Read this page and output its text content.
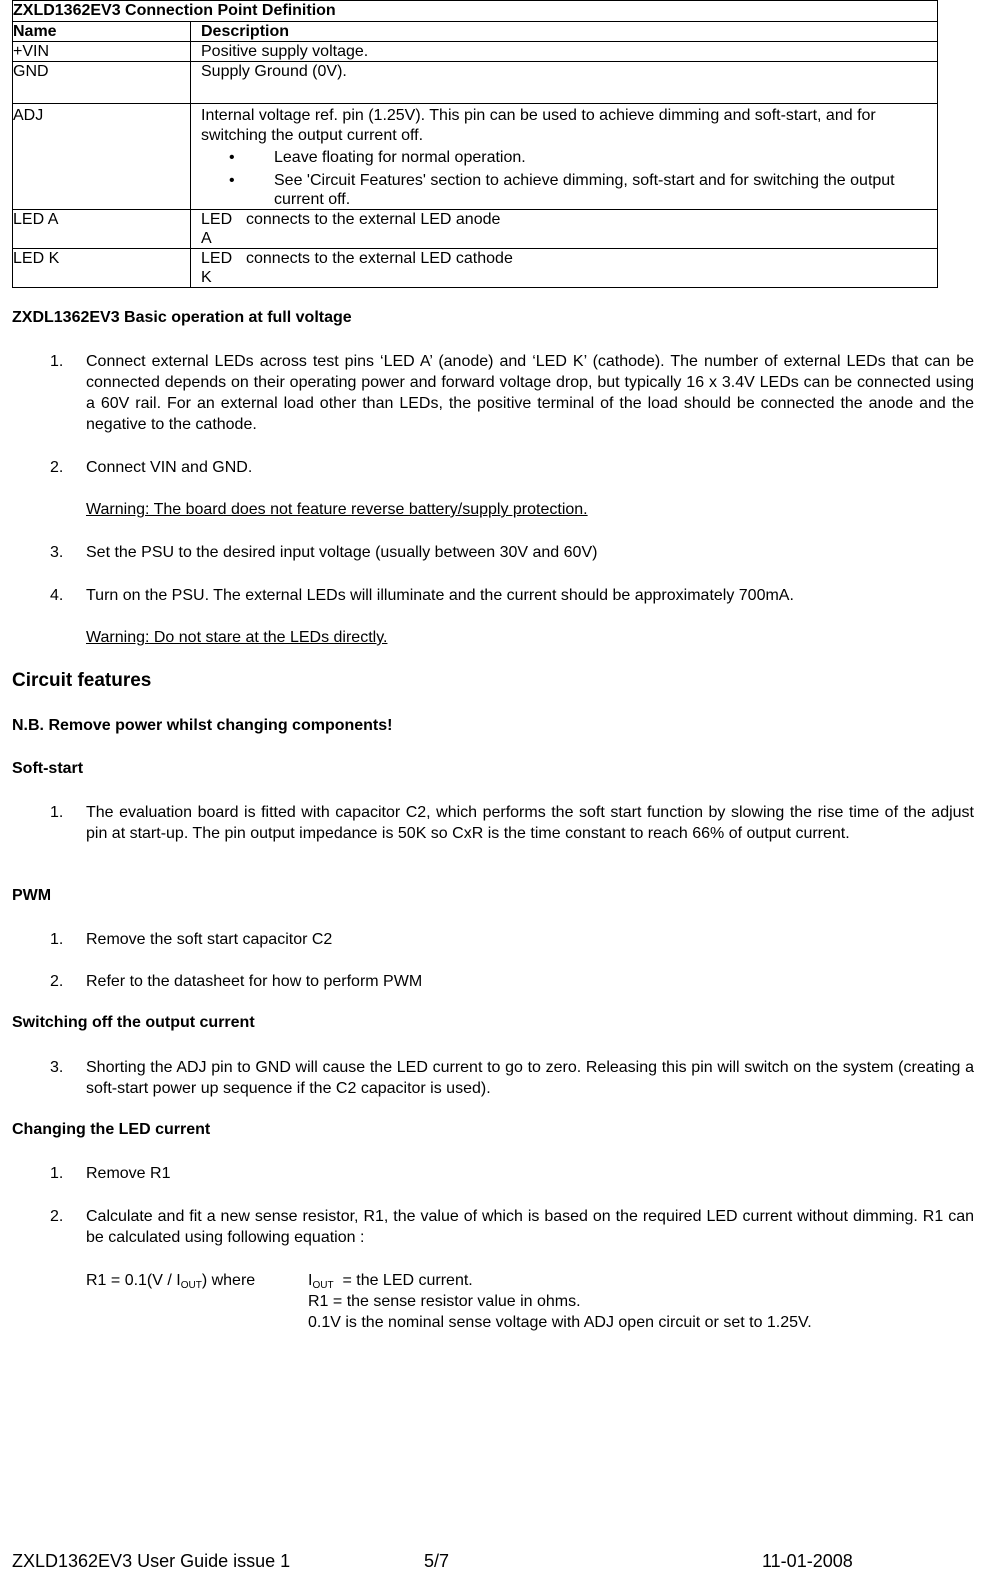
ZXLD1362EV3 Connection Point Definition	
Name	Description
+VIN	Positive supply voltage.
GND	Supply Ground (0V).
ADJ	Internal voltage ref. pin (1.25V). This pin can be used to achieve dimming and soft-start, and for switching the output current off.
• Leave floating for normal operation.
• See 'Circuit Features' section to achieve dimming, soft-start and for switching the output current off.

LED A	LED A
connects to the external LED anode

LED K	LED K
connects to the external LED cathode
ZXDL1362EV3 Basic operation at full voltage
1.	Connect external LEDs across test pins ‘LED A’ (anode) and ‘LED K’ (cathode). The number of external LEDs that can be connected depends on their operating power and forward voltage drop, but typically 16 x 3.4V LEDs can be connected using a 60V rail. For an external load other than LEDs, the positive terminal of the load should be connected the anode and the negative to the cathode.
2.	Connect VIN and GND.
Warning: The board does not feature reverse battery/supply protection.
3.	Set the PSU to the desired input voltage (usually between 30V and 60V)
4.	Turn on the PSU. The external LEDs will illuminate and the current should be approximately 700mA.
Warning: Do not stare at the LEDs directly.
Circuit features
N.B. Remove power whilst changing components!
Soft-start
1.	The evaluation board is fitted with capacitor C2, which performs the soft start function by slowing the rise time of the adjust pin at start-up. The pin output impedance is 50K so CxR is the time constant to reach 66% of output current.
PWM
1.	Remove the soft start capacitor C2
2.	Refer to the datasheet for how to perform PWM
Switching off the output current
3.	Shorting the ADJ pin to GND will cause the LED current to go to zero. Releasing this pin will switch on the system (creating a soft-start power up sequence if the C2 capacitor is used).
Changing the LED current
1.	Remove R1
2.	Calculate and fit a new sense resistor, R1, the value of which is based on the required LED current without dimming. R1 can be calculated using following equation :
$R1 = 0.1(V / I_{OUT})$ where	$I_{OUT}$  = the LED current.
R1 = the sense resistor value in ohms.
0.1V is the nominal sense voltage with ADJ open circuit or set to 1.25V.
ZXLD1362EV3 User Guide issue 1	5/7	11-01-2008
